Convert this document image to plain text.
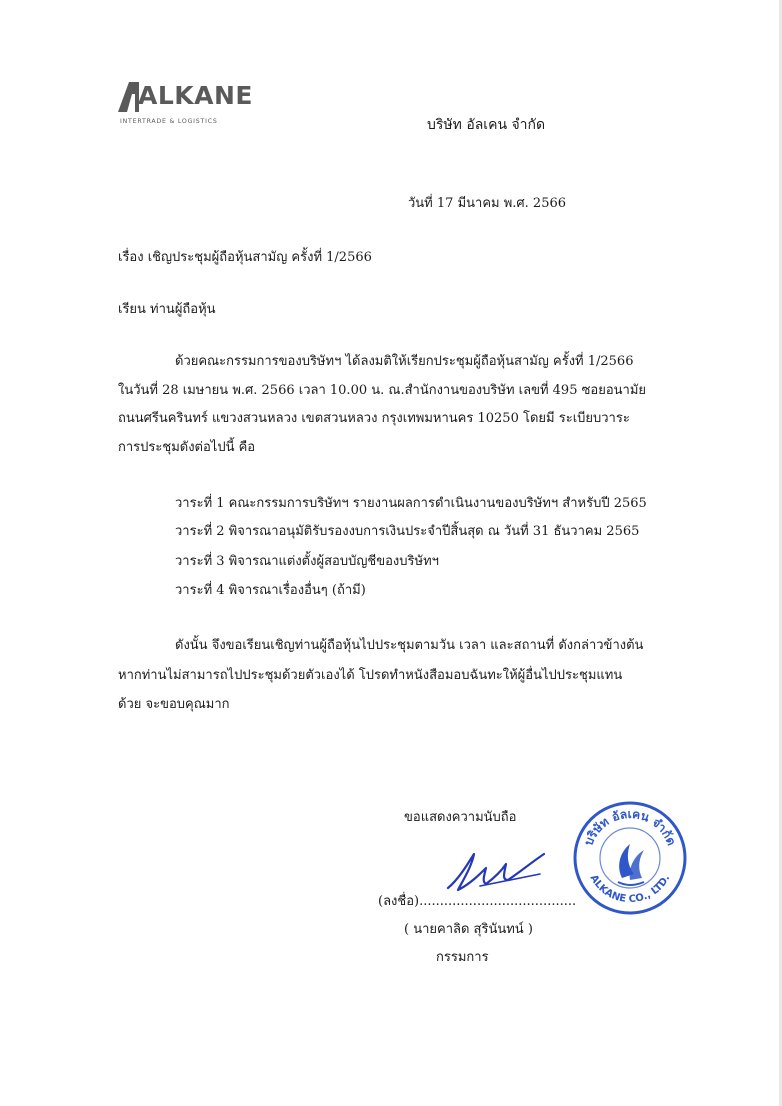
ALKANE
INTERTRADE & LOGISTICS	บริษัท อัลเคน จำกัด
วันที่ 17 มีนาคม พ.ศ. 2566
เรื่อง เชิญประชุมผู้ถือหุ้นสามัญ ครั้งที่ 1/2566
เรียน ท่านผู้ถือหุ้น
ด้วยคณะกรรมการของบริษัทฯ ได้ลงมติให้เรียกประชุมผู้ถือหุ้นสามัญ ครั้งที่ 1/2566
ในวันที่ 28 เมษายน พ.ศ. 2566 เวลา 10.00 น. ณ.สำนักงานของบริษัท เลขที่ 495 ซอยอนามัย
ถนนศรีนครินทร์ แขวงสวนหลวง เขตสวนหลวง กรุงเทพมหานคร 10250 โดยมี ระเบียบวาระ
การประชุมดังต่อไปนี้ คือ
วาระที่ 1 คณะกรรมการบริษัทฯ รายงานผลการดำเนินงานของบริษัทฯ สำหรับปี 2565
วาระที่ 2 พิจารณาอนุมัติรับรองงบการเงินประจำปีสิ้นสุด ณ วันที่ 31 ธันวาคม 2565
วาระที่ 3 พิจารณาแต่งตั้งผู้สอบบัญชีของบริษัทฯ
วาระที่ 4 พิจารณาเรื่องอื่นๆ (ถ้ามี)
ดังนั้น จึงขอเรียนเชิญท่านผู้ถือหุ้นไปประชุมตามวัน เวลา และสถานที่ ดังกล่าวข้างต้น
หากท่านไม่สามารถไปประชุมด้วยตัวเองได้ โปรดทำหนังสือมอบฉันทะให้ผู้อื่นไปประชุมแทน
ด้วย จะขอบคุณมาก
ขอแสดงความนับถือ
บริษัท อัลเคน จำกัด
ALKANE CO., LTD.
(ลงชื่อ)......................................
( นายคาลิด สุรินันทน์ )
กรรมการ
